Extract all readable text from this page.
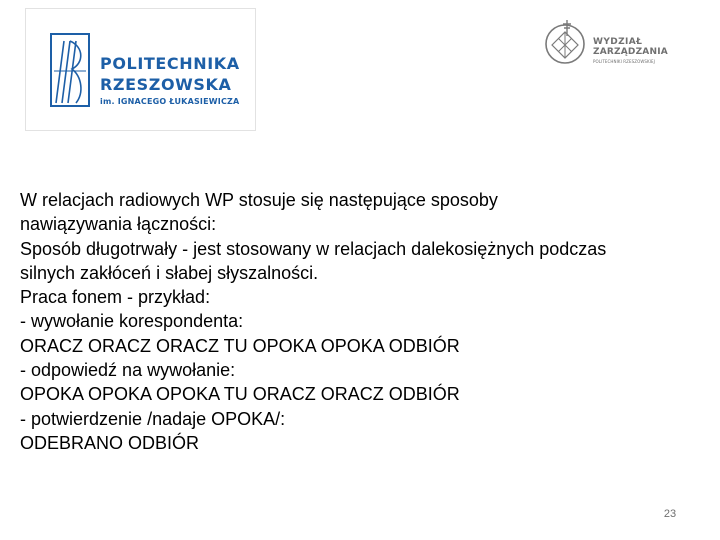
POLITECHNIKA
RZESZOWSKA
im. IGNACEGO ŁUKASIEWICZA
WYDZIAŁ
ZARZĄDZANIA
POLITECHNIKI RZESZOWSKIEJ

W relacjach radiowych WP stosuje się następujące sposoby

nawiązywania łączności:

Sposób długotrwały - jest stosowany w relacjach dalekosiężnych podczas

silnych zakłóceń i słabej słyszalności.

Praca fonem - przykład:

- wywołanie korespondenta:

ORACZ ORACZ ORACZ TU OPOKA OPOKA ODBIÓR

- odpowiedź na wywołanie:

OPOKA OPOKA OPOKA TU ORACZ ORACZ ODBIÓR

- potwierdzenie /nadaje OPOKA/:

ODEBRANO ODBIÓR

23
